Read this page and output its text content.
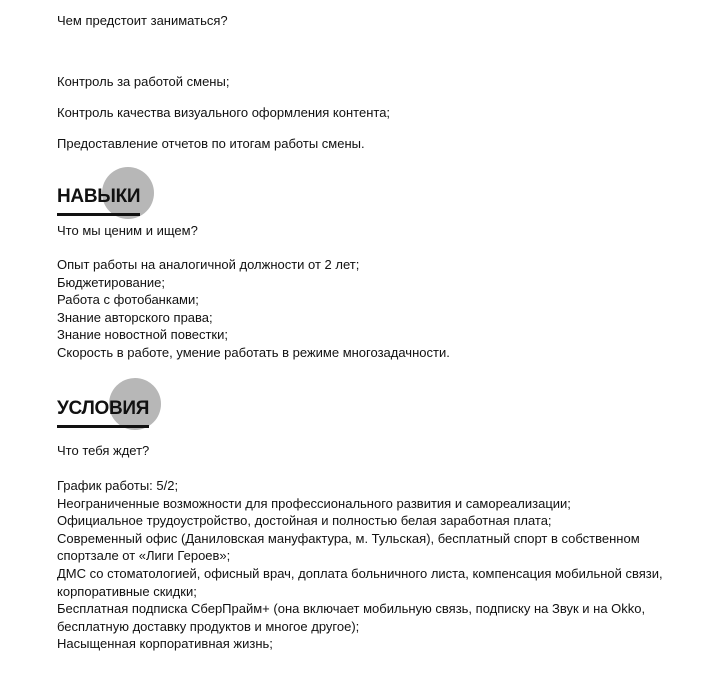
Чем предстоит заниматься?

Контроль за работой смены;

Контроль качества визуального оформления контента;

Предоставление отчетов по итогам работы смены.

НАВЫКИ

Что мы ценим и ищем?

Опыт работы на аналогичной должности от 2 лет;

Бюджетирование;

Работа с фотобанками;

Знание авторского права;

Знание новостной повестки;

Скорость в работе, умение работать в режиме многозадачности.

УСЛОВИЯ

Что тебя ждет?

График работы: 5/2;

Неограниченные возможности для профессионального развития и самореализации;

Официальное трудоустройство, достойная и полностью белая заработная плата;

Современный офис (Даниловская мануфактура, м. Тульская), бесплатный спорт в собственном спортзале от «Лиги Героев»;

ДМС со стоматологией, офисный врач, доплата больничного листа, компенсация мобильной связи, корпоративные скидки;

Бесплатная подписка СберПрайм+ (она включает мобильную связь, подписку на Звук и на Okko, бесплатную доставку продуктов и многое другое);

Насыщенная корпоративная жизнь;
